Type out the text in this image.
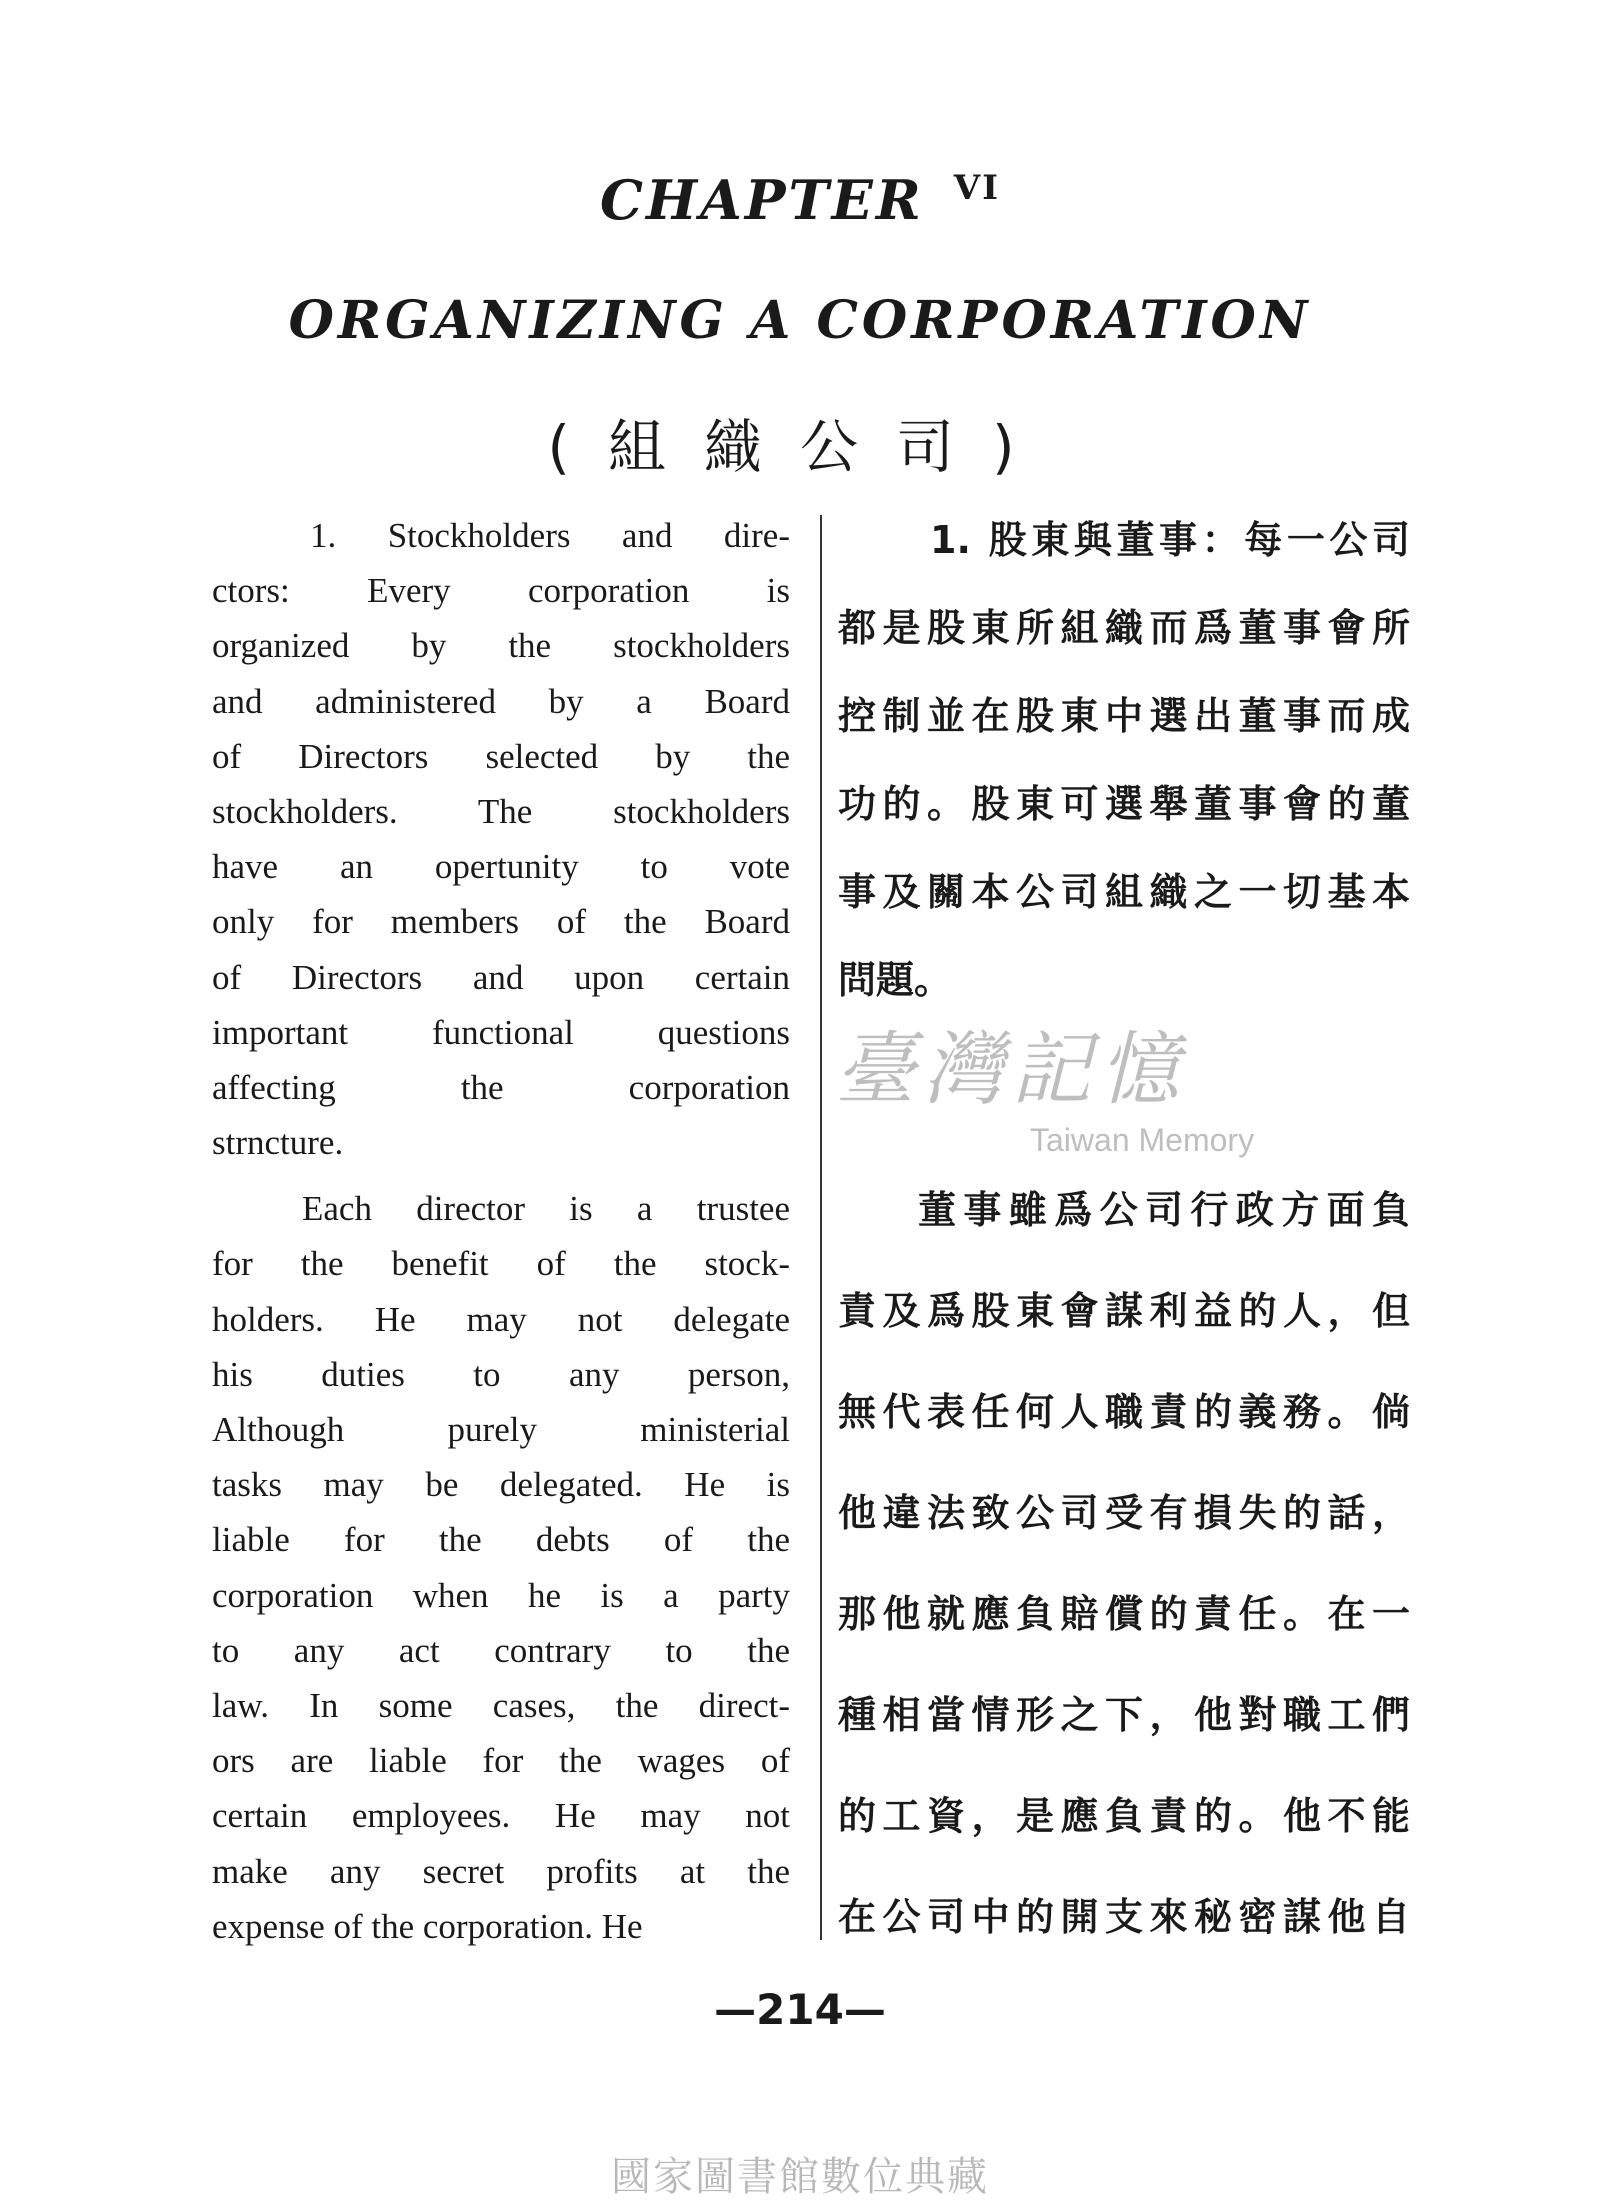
CHAPTER $^{VI}$
ORGANIZING A CORPORATION
(組織公司)
1. Stockholders and dire-
ctors: Every corporation is
organized by the stockholders
and administered by a Board
of Directors selected by the
stockholders. The stockholders
have an opertunity to vote
only for members of the Board
of Directors and upon certain
important functional questions
affecting the corporation
strncture.
Each director is a trustee
for the benefit of the stock-
holders. He may not delegate
his duties to any person,
Although purely ministerial
tasks may be delegated. He is
liable for the debts of the
corporation when he is a party
to any act contrary to the
law. In some cases, the direct-
ors are liable for the wages of
certain employees. He may not
make any secret profits at the
expense of the corporation. He
1. 股東與董事：每一公司
都是股東所組織而爲董事會所
控制並在股東中選出董事而成
功的。股東可選舉董事會的董
事及關本公司組織之一切基本
問題。
董事雖爲公司行政方面負
責及爲股東會謀利益的人，但
無代表任何人職責的義務。倘
他違法致公司受有損失的話，
那他就應負賠償的責任。在一
種相當情形之下，他對職工們
的工資，是應負責的。他不能
在公司中的開支來秘密謀他自
臺灣記憶
Taiwan Memory
—214—
國家圖書館數位典藏
